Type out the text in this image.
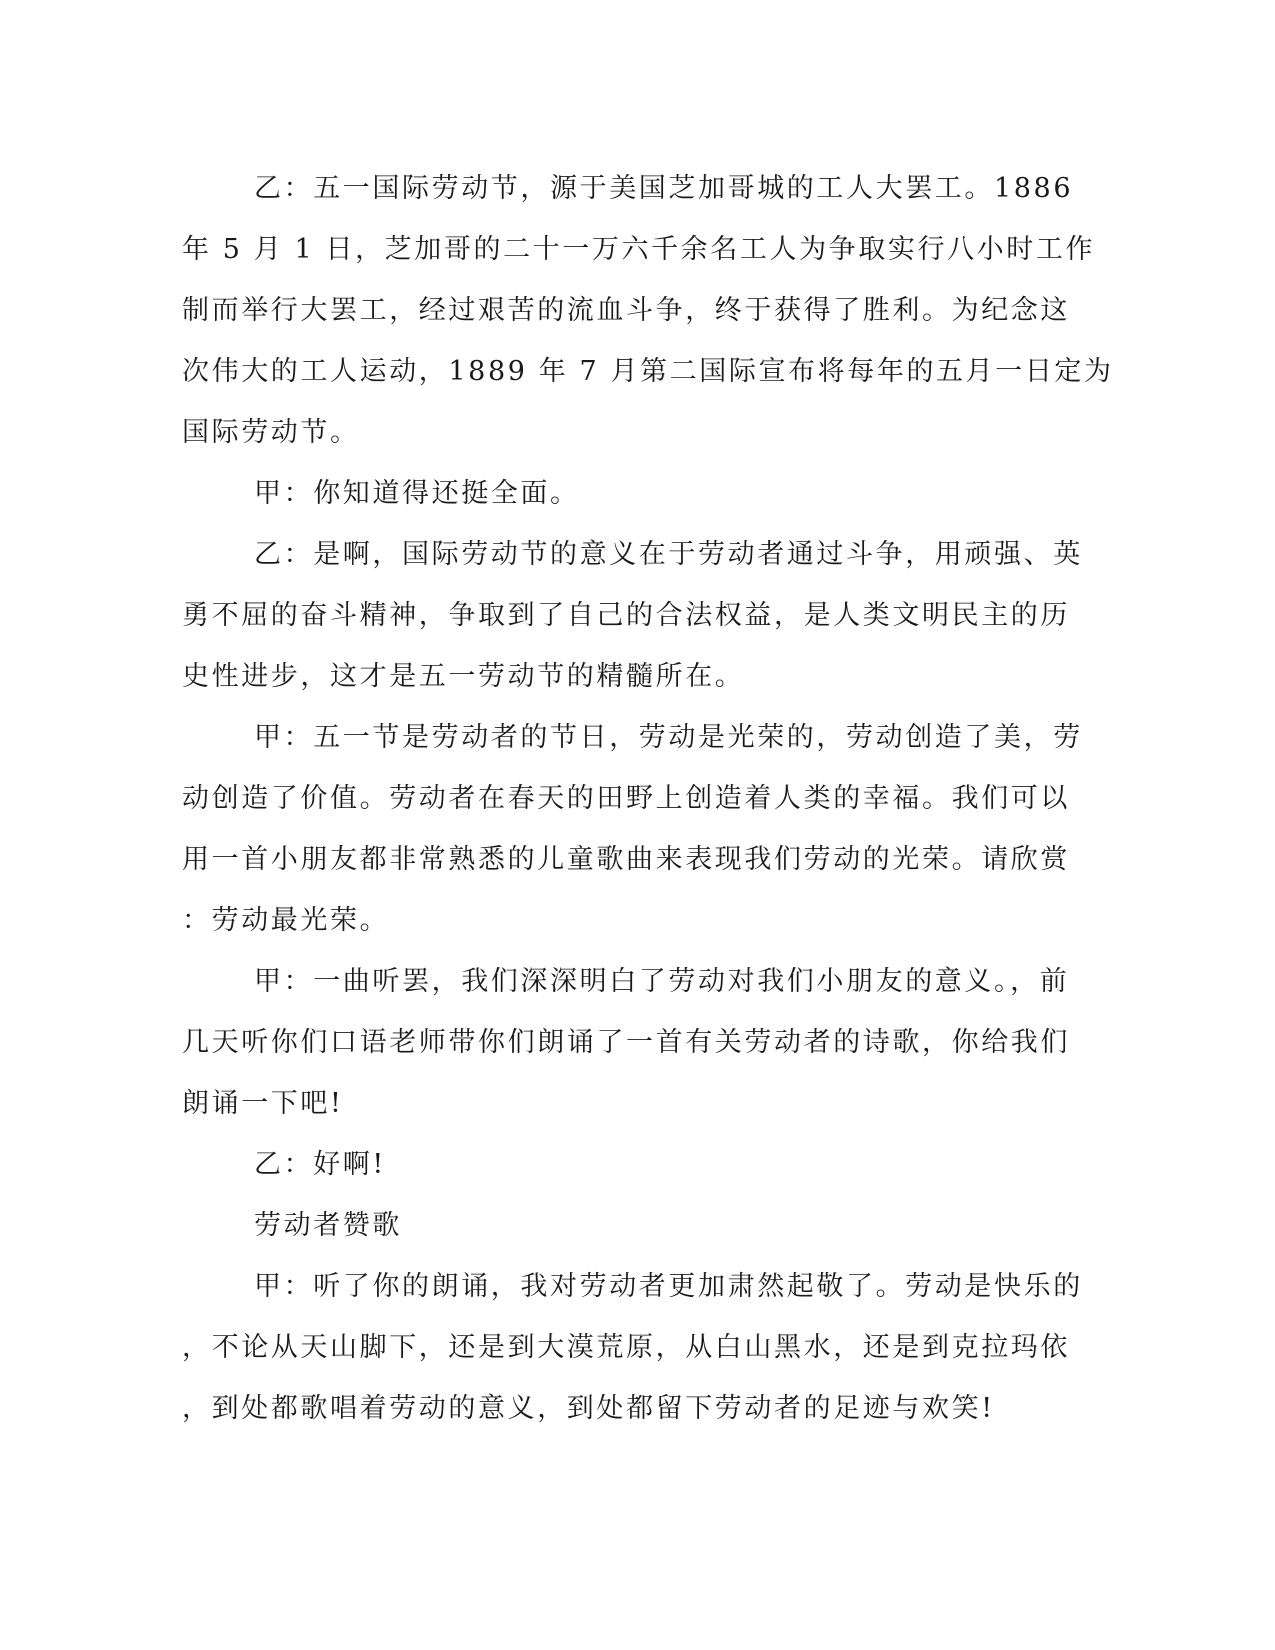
乙：五一国际劳动节，源于美国芝加哥城的工人大罢工。1886
年 5 月 1 日，芝加哥的二十一万六千余名工人为争取实行八小时工作
制而举行大罢工，经过艰苦的流血斗争，终于获得了胜利。为纪念这
次伟大的工人运动，1889 年 7 月第二国际宣布将每年的五月一日定为
国际劳动节。
甲：你知道得还挺全面。
乙：是啊，国际劳动节的意义在于劳动者通过斗争，用顽强、英
勇不屈的奋斗精神，争取到了自己的合法权益，是人类文明民主的历
史性进步，这才是五一劳动节的精髓所在。
甲：五一节是劳动者的节日，劳动是光荣的，劳动创造了美，劳
动创造了价值。劳动者在春天的田野上创造着人类的幸福。我们可以
用一首小朋友都非常熟悉的儿童歌曲来表现我们劳动的光荣。请欣赏
：劳动最光荣。
甲：一曲听罢，我们深深明白了劳动对我们小朋友的意义。，前
几天听你们口语老师带你们朗诵了一首有关劳动者的诗歌，你给我们
朗诵一下吧!
乙：好啊!
劳动者赞歌
甲：听了你的朗诵，我对劳动者更加肃然起敬了。劳动是快乐的
，不论从天山脚下，还是到大漠荒原，从白山黑水，还是到克拉玛依
，到处都歌唱着劳动的意义，到处都留下劳动者的足迹与欢笑!
